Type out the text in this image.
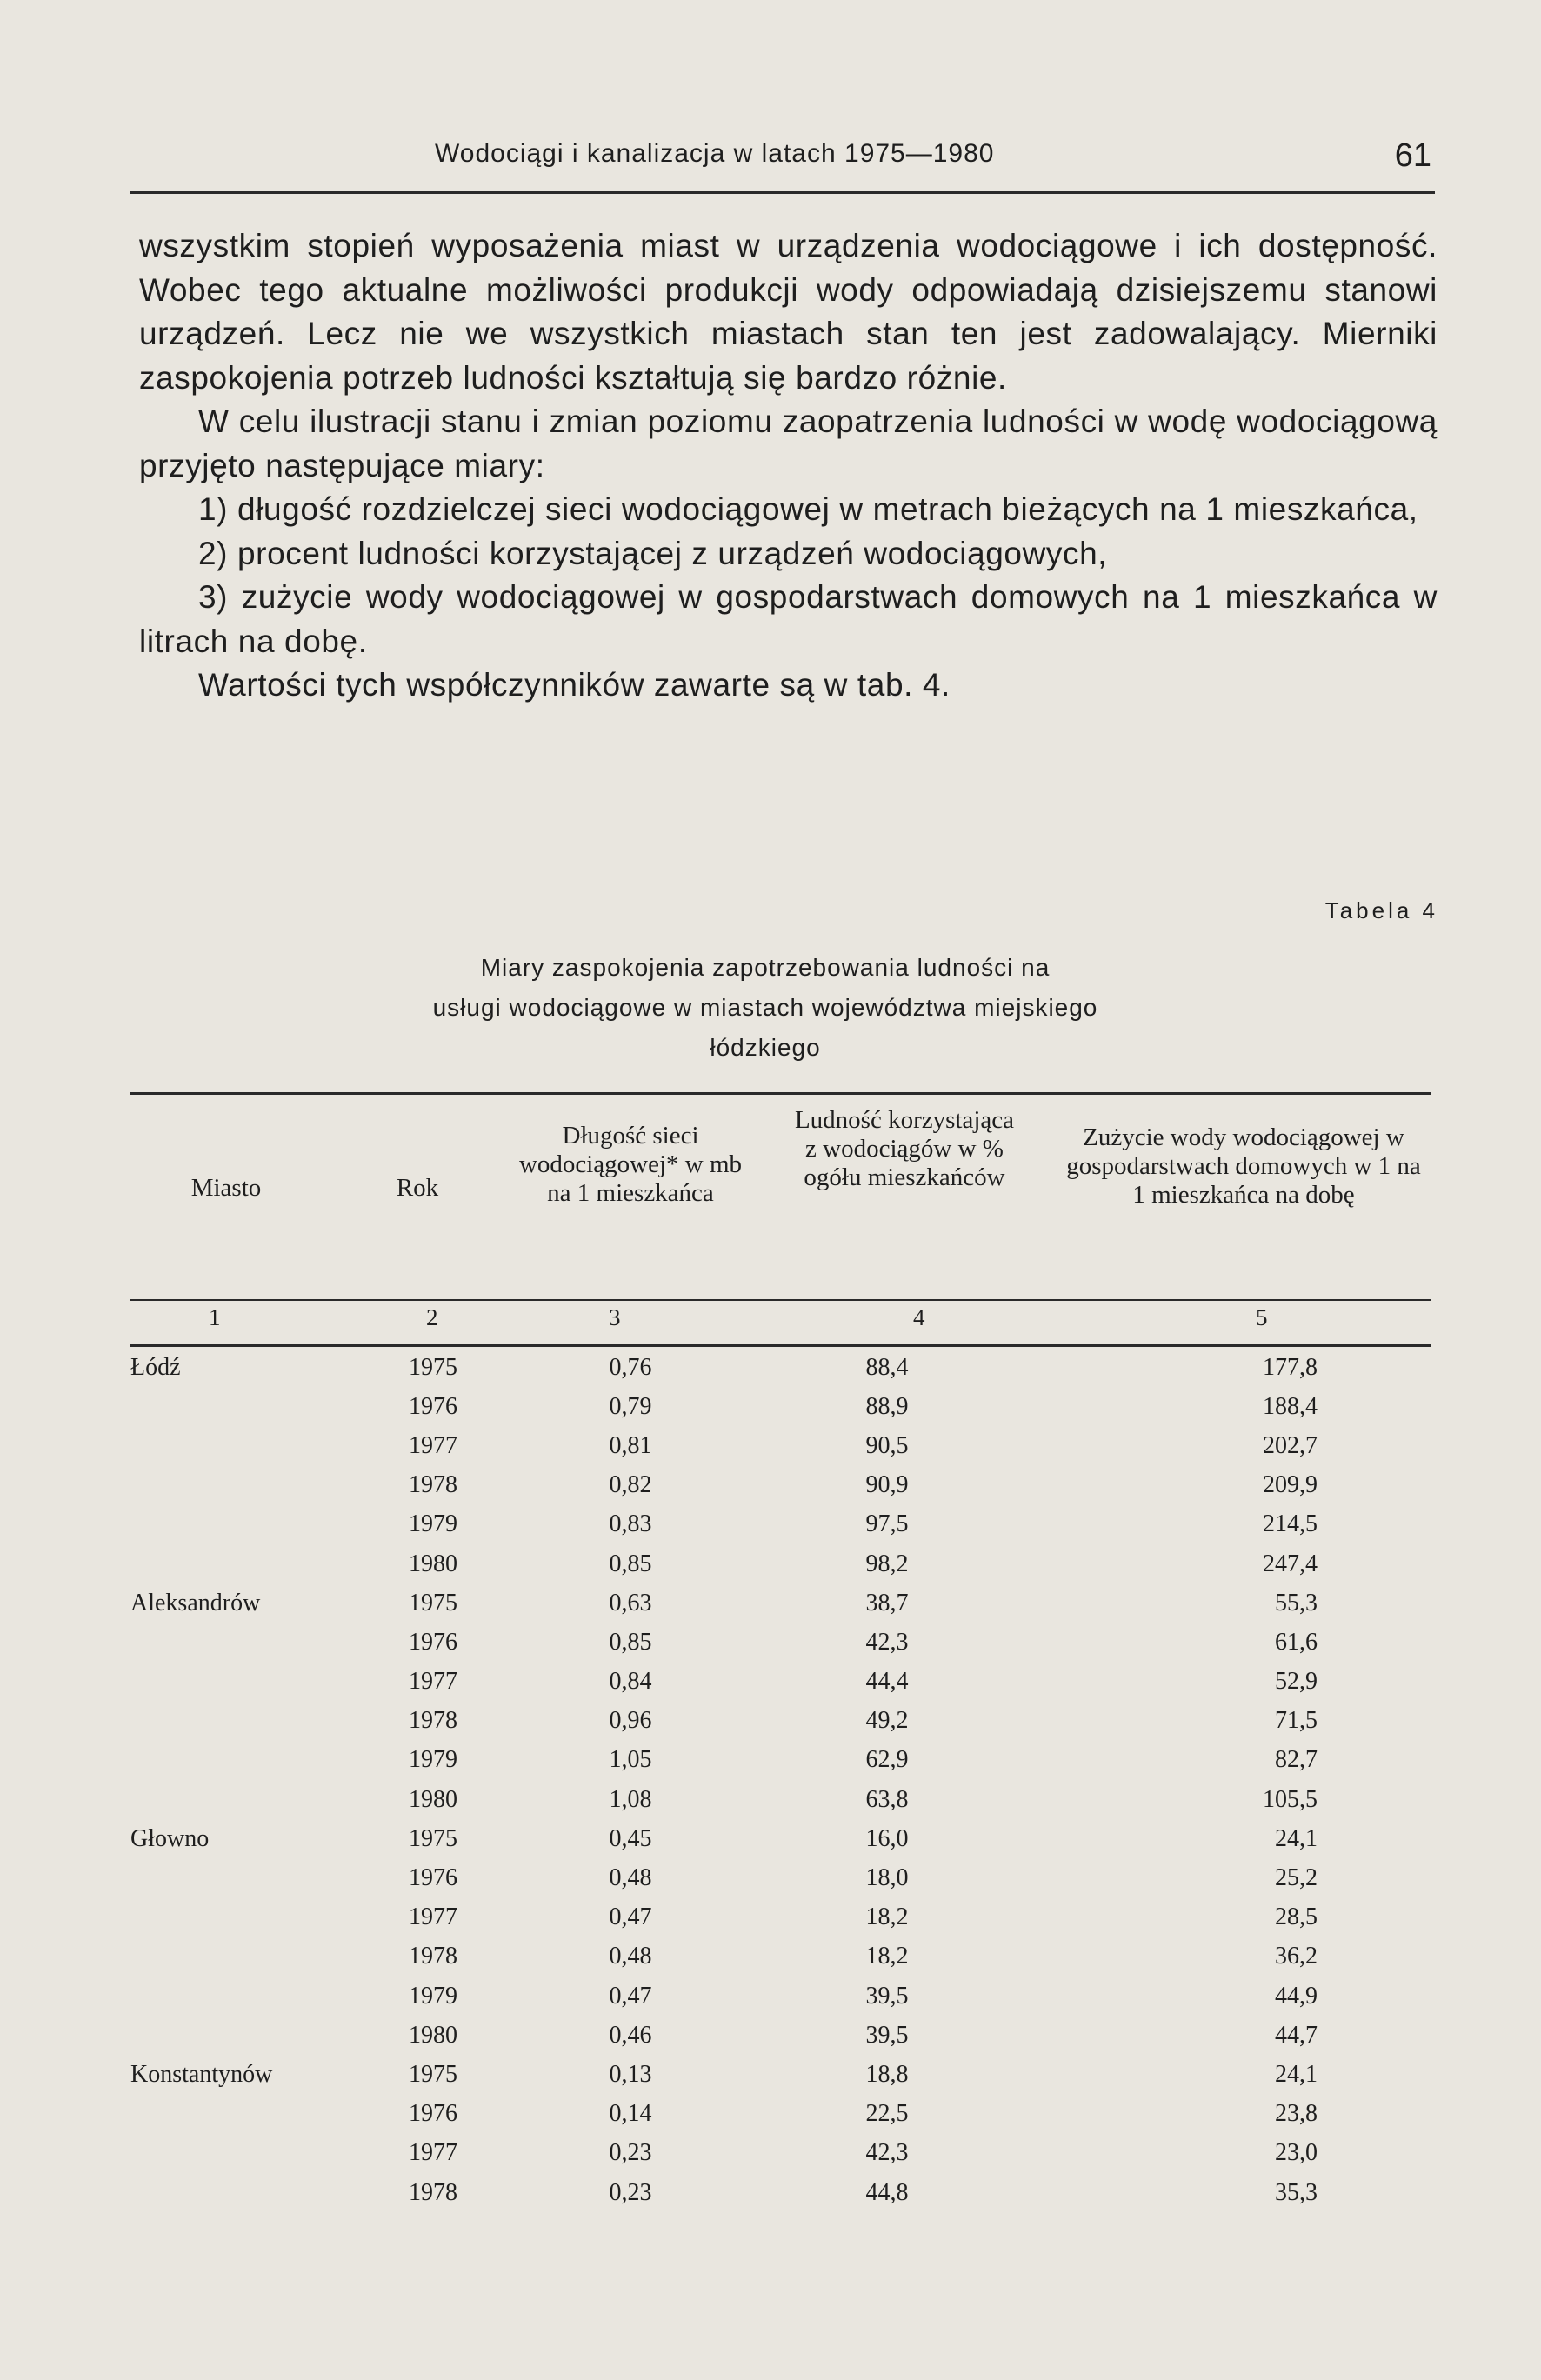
Wodociągi i kanalizacja w latach 1975—1980	61

wszystkim stopień wyposażenia miast w urządzenia wodociągowe i ich dostępność. Wobec tego aktualne możliwości produkcji wody odpowiadają dzisiejszemu stanowi urządzeń. Lecz nie we wszystkich miastach stan ten jest zadowalający. Mierniki zaspokojenia potrzeb ludności kształtują się bardzo różnie.

W celu ilustracji stanu i zmian poziomu zaopatrzenia ludności w wodę wodociągową przyjęto następujące miary:

1) długość rozdzielczej sieci wodociągowej w metrach bieżących na 1 mieszkańca,

2) procent ludności korzystającej z urządzeń wodociągowych,

3) zużycie wody wodociągowej w gospodarstwach domowych na 1 mieszkańca w litrach na dobę.

Wartości tych współczynników zawarte są w tab. 4.

Tabela 4
Miary zaspokojenia zapotrzebowania ludności na
usługi wodociągowe w miastach województwa miejskiego
łódzkiego
Miasto	Rok
Długość sieci wodociągowej* w mb na 1 mieszkańca
Ludność korzystająca z wodociągów w % ogółu mieszkańców
Zużycie wody wodociągowej w gospodarstwach domowych w 1 na 1 mieszkańca na dobę
1	2	3	4	5
Łódź	1975	0,76	88,4	177,8
	1976	0,79	88,9	188,4
	1977	0,81	90,5	202,7
	1978	0,82	90,9	209,9
	1979	0,83	97,5	214,5
	1980	0,85	98,2	247,4
Aleksandrów	1975	0,63	38,7	55,3
	1976	0,85	42,3	61,6
	1977	0,84	44,4	52,9
	1978	0,96	49,2	71,5
	1979	1,05	62,9	82,7
	1980	1,08	63,8	105,5
Głowno	1975	0,45	16,0	24,1
	1976	0,48	18,0	25,2
	1977	0,47	18,2	28,5
	1978	0,48	18,2	36,2
	1979	0,47	39,5	44,9
	1980	0,46	39,5	44,7
Konstantynów	1975	0,13	18,8	24,1
	1976	0,14	22,5	23,8
	1977	0,23	42,3	23,0
	1978	0,23	44,8	35,3
